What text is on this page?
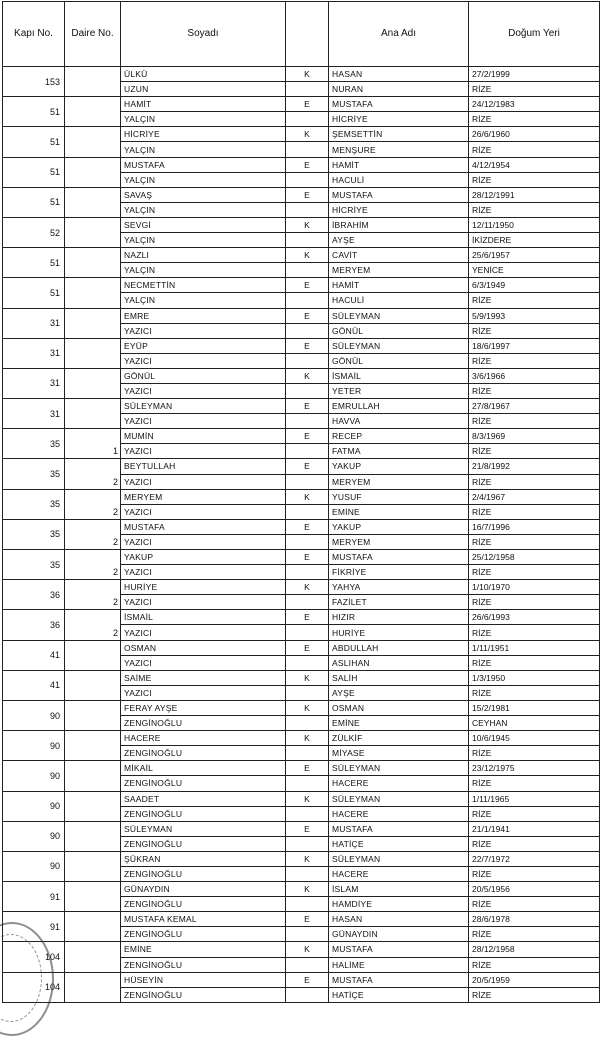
Kapı No.	Daire No.	Soyadı		Ana Adı	Doğum Yeri
153		ÜLKÜ	K	HASAN	27/2/1999
		UZUN		NURAN	RİZE
51		HAMİT	E	MUSTAFA	24/12/1983
		YALÇIN		HİCRİYE	RİZE
51		HİCRİYE	K	ŞEMSETTİN	26/6/1960
		YALÇIN		MENŞURE	RİZE
51		MUSTAFA	E	HAMİT	4/12/1954
		YALÇIN		HACULİ	RİZE
51		SAVAŞ	E	MUSTAFA	28/12/1991
		YALÇIN		HİCRİYE	RİZE
52		SEVGİ	K	İBRAHİM	12/11/1950
		YALÇIN		AYŞE	İKİZDERE
51		NAZLI	K	CAVİT	25/6/1957
		YALÇIN		MERYEM	YENİCE
51		NECMETTİN	E	HAMİT	6/3/1949
		YALÇIN		HACULİ	RİZE
31		EMRE	E	SÜLEYMAN	5/9/1993
		YAZICI		GÖNÜL	RİZE
31		EYÜP	E	SÜLEYMAN	18/6/1997
		YAZICI		GÖNÜL	RİZE
31		GÖNÜL	K	İSMAİL	3/6/1966
		YAZICI		YETER	RİZE
31		SÜLEYMAN	E	EMRULLAH	27/8/1967
		YAZICI		HAVVA	RİZE
35	1	MUMİN	E	RECEP	8/3/1969
		YAZICI		FATMA	RİZE
35	2	BEYTULLAH	E	YAKUP	21/8/1992
		YAZICI		MERYEM	RİZE
35	2	MERYEM	K	YUSUF	2/4/1967
		YAZICI		EMİNE	RİZE
35	2	MUSTAFA	E	YAKUP	16/7/1996
		YAZICI		MERYEM	RİZE
35	2	YAKUP	E	MUSTAFA	25/12/1958
		YAZICI		FİKRİYE	RİZE
36	2	HURİYE	K	YAHYA	1/10/1970
		YAZICI		FAZİLET	RİZE
36	2	İSMAİL	E	HIZIR	26/6/1993
		YAZICI		HURİYE	RİZE
41		OSMAN	E	ABDULLAH	1/11/1951
		YAZICI		ASLIHAN	RİZE
41		SAİME	K	SALİH	1/3/1950
		YAZICI		AYŞE	RİZE
90		FERAY AYŞE	K	OSMAN	15/2/1981
		ZENGİNOĞLU		EMİNE	CEYHAN
90		HACERE	K	ZÜLKİF	10/6/1945
		ZENGİNOĞLU		MİYASE	RİZE
90		MİKAİL	E	SÜLEYMAN	23/12/1975
		ZENGİNOĞLU		HACERE	RİZE
90		SAADET	K	SÜLEYMAN	1/11/1965
		ZENGİNOĞLU		HACERE	RİZE
90		SÜLEYMAN	E	MUSTAFA	21/1/1941
		ZENGİNOĞLU		HATİÇE	RİZE
90		ŞÜKRAN	K	SÜLEYMAN	22/7/1972
		ZENGİNOĞLU		HACERE	RİZE
91		GÜNAYDIN	K	İSLAM	20/5/1956
		ZENGİNOĞLU		HAMDİYE	RİZE
91		MUSTAFA KEMAL	E	HASAN	28/6/1978
		ZENGİNOĞLU		GÜNAYDIN	RİZE
104		EMİNE	K	MUSTAFA	28/12/1958
		ZENGİNOĞLU		HALİME	RİZE
104		HÜSEYİN	E	MUSTAFA	20/5/1959
		ZENGİNOĞLU		HATİÇE	RİZE
